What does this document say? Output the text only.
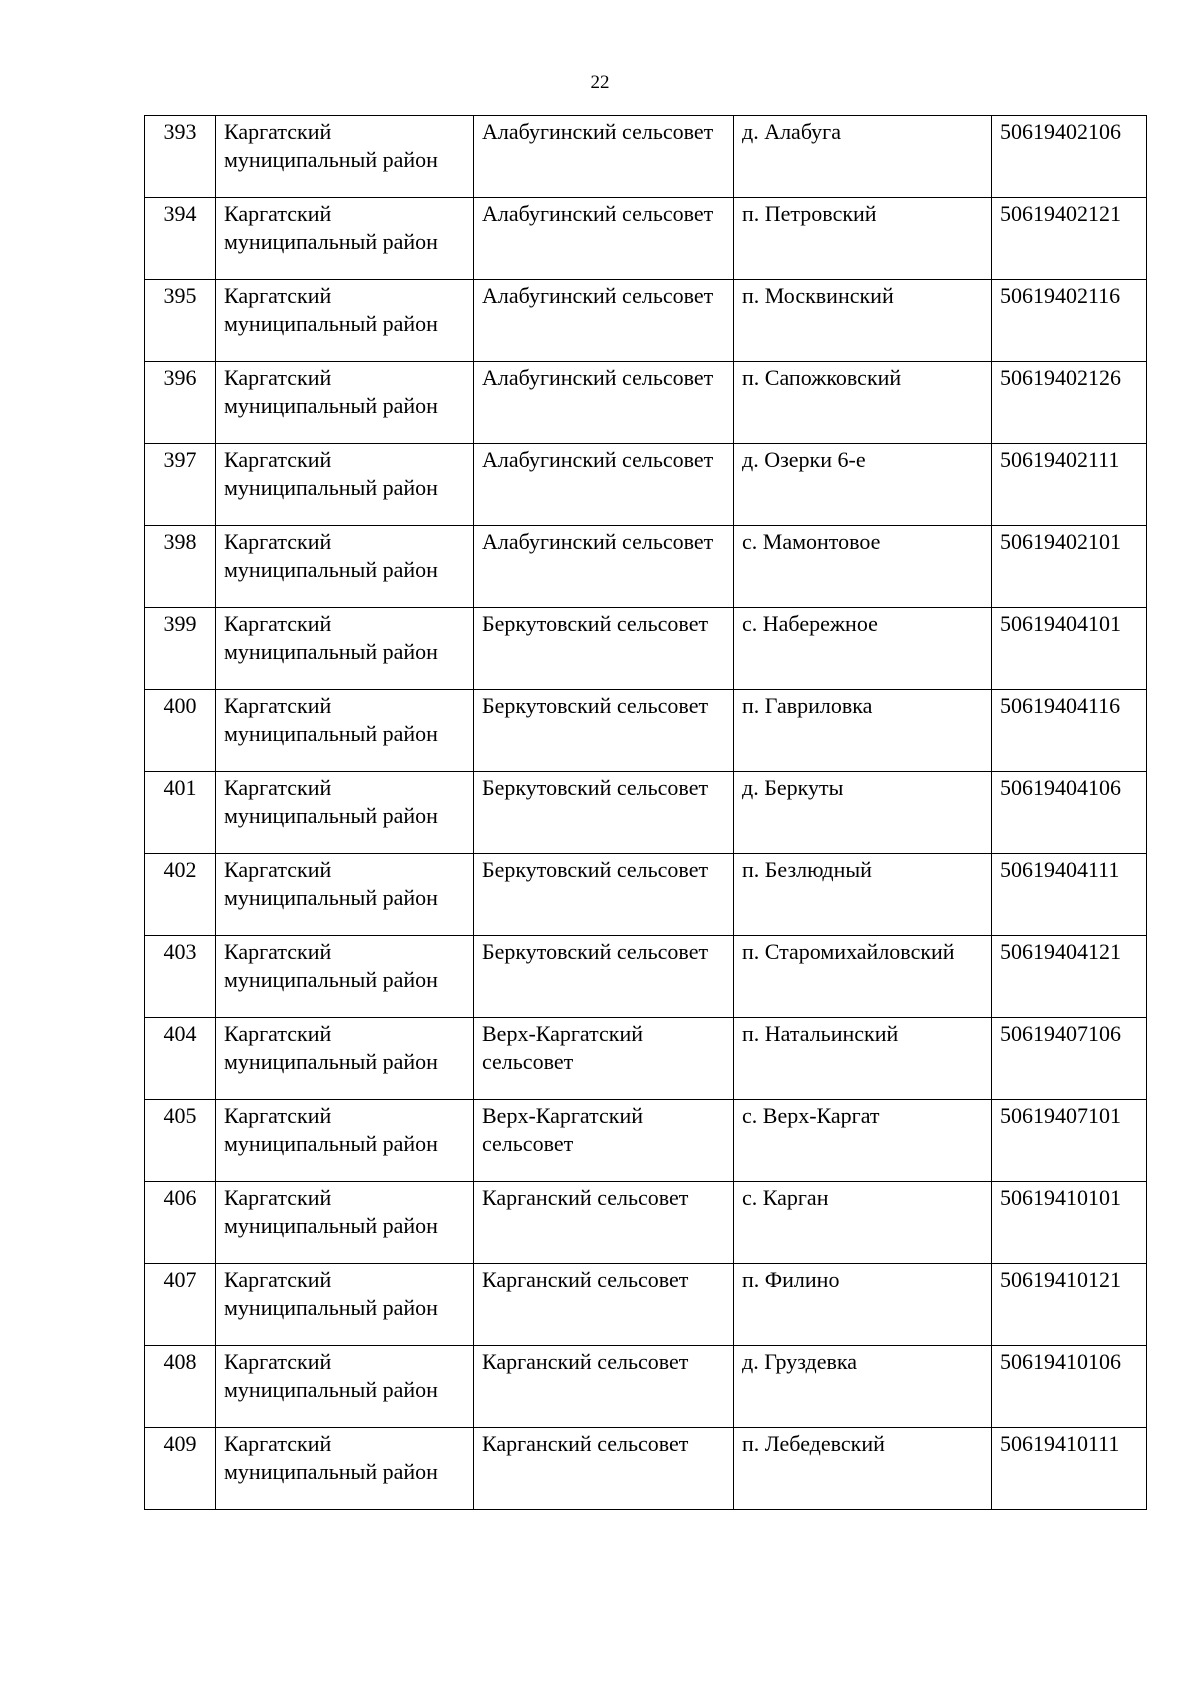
22
393	Каргатский муниципальный район	Алабугинский сельсовет	д. Алабуга	50619402106
394	Каргатский муниципальный район	Алабугинский сельсовет	п. Петровский	50619402121
395	Каргатский муниципальный район	Алабугинский сельсовет	п. Москвинский	50619402116
396	Каргатский муниципальный район	Алабугинский сельсовет	п. Сапожковский	50619402126
397	Каргатский муниципальный район	Алабугинский сельсовет	д. Озерки 6-е	50619402111
398	Каргатский муниципальный район	Алабугинский сельсовет	с. Мамонтовое	50619402101
399	Каргатский муниципальный район	Беркутовский сельсовет	с. Набережное	50619404101
400	Каргатский муниципальный район	Беркутовский сельсовет	п. Гавриловка	50619404116
401	Каргатский муниципальный район	Беркутовский сельсовет	д. Беркуты	50619404106
402	Каргатский муниципальный район	Беркутовский сельсовет	п. Безлюдный	50619404111
403	Каргатский муниципальный район	Беркутовский сельсовет	п. Старомихайловский	50619404121
404	Каргатский муниципальный район	Верх-Каргатский сельсовет	п. Натальинский	50619407106
405	Каргатский муниципальный район	Верх-Каргатский сельсовет	с. Верх-Каргат	50619407101
406	Каргатский муниципальный район	Карганский сельсовет	с. Карган	50619410101
407	Каргатский муниципальный район	Карганский сельсовет	п. Филино	50619410121
408	Каргатский муниципальный район	Карганский сельсовет	д. Груздевка	50619410106
409	Каргатский муниципальный район	Карганский сельсовет	п. Лебедевский	50619410111
